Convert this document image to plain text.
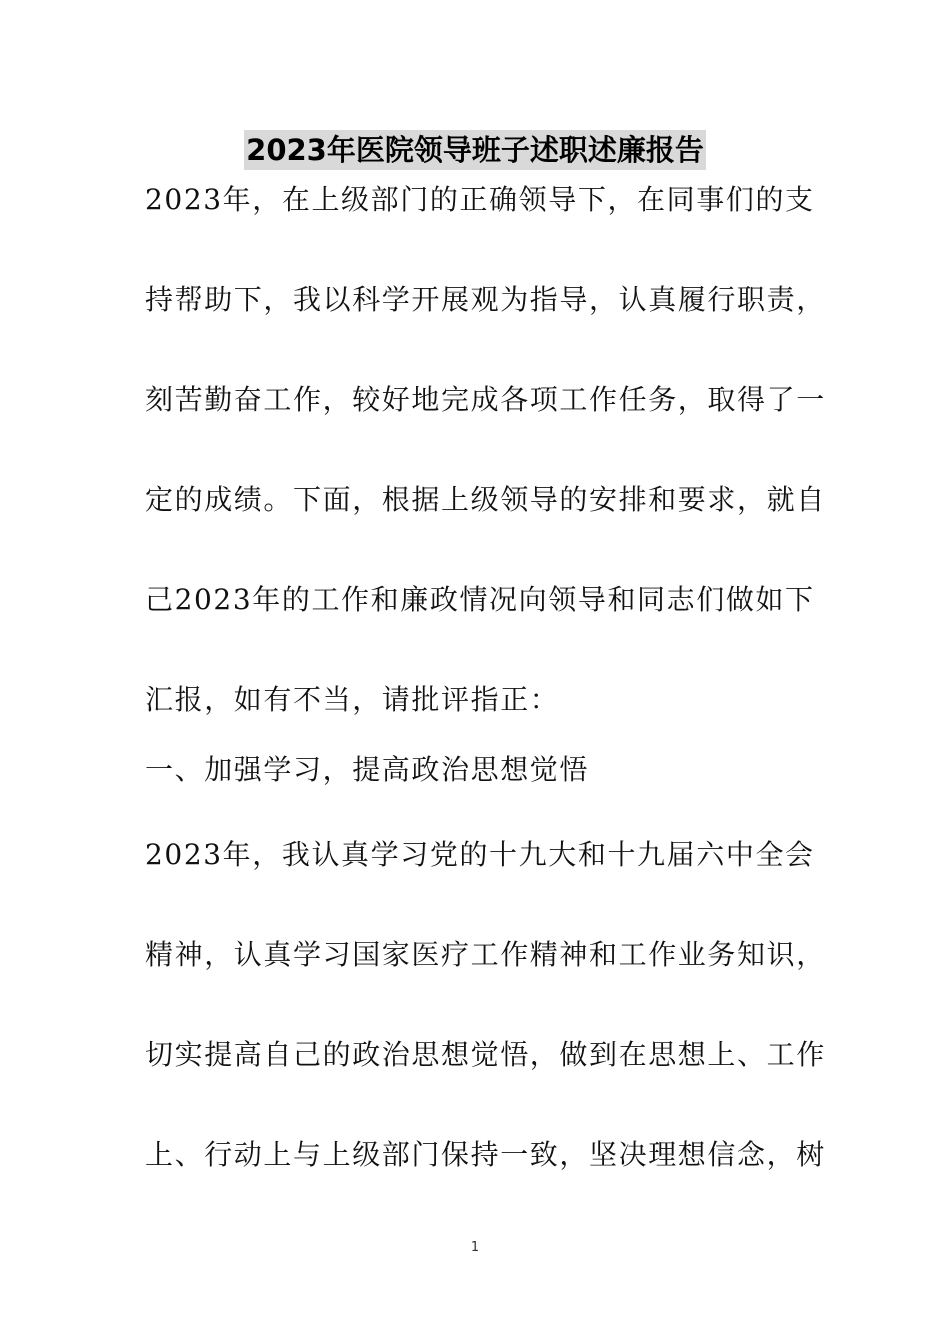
2023年医院领导班子述职述廉报告
2023年，在上级部门的正确领导下，在同事们的支
持帮助下，我以科学开展观为指导，认真履行职责，
刻苦勤奋工作，较好地完成各项工作任务，取得了一
定的成绩。下面，根据上级领导的安排和要求，就自
己2023年的工作和廉政情况向领导和同志们做如下
汇报，如有不当，请批评指正：
一、加强学习，提高政治思想觉悟
2023年，我认真学习党的十九大和十九届六中全会
精神，认真学习国家医疗工作精神和工作业务知识，
切实提高自己的政治思想觉悟，做到在思想上、工作
上、行动上与上级部门保持一致，坚决理想信念，树
1
